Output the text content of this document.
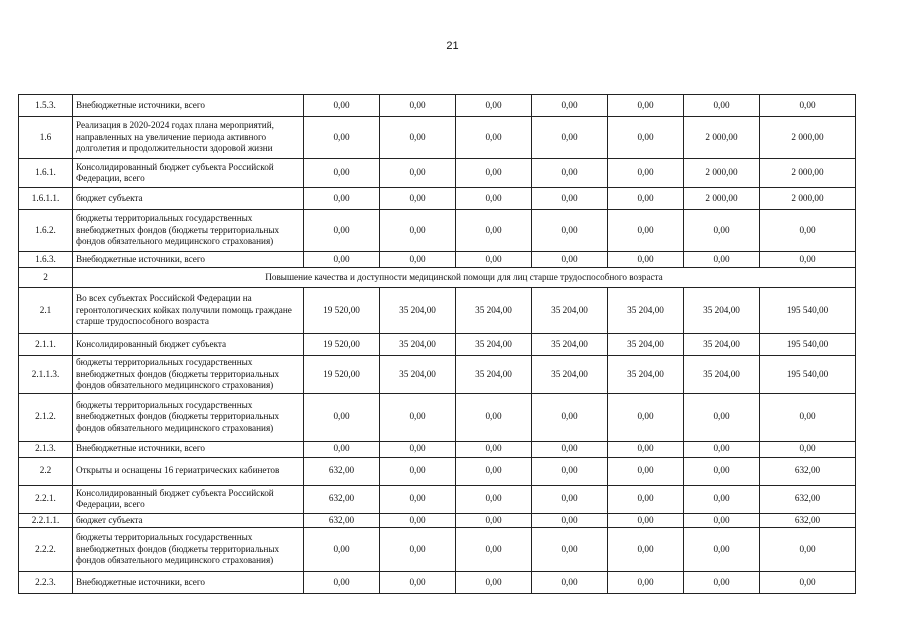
21
1.5.3.	Внебюджетные источники, всего	0,00	0,00	0,00	0,00	0,00	0,00	0,00
1.6	Реализация в 2020-2024 годах плана мероприятий, направленных на увеличение периода активного долголетия и продолжительности здоровой жизни	0,00	0,00	0,00	0,00	0,00	2 000,00	2 000,00
1.6.1.	Консолидированный бюджет субъекта Российской Федерации, всего	0,00	0,00	0,00	0,00	0,00	2 000,00	2 000,00
1.6.1.1.	бюджет субъекта	0,00	0,00	0,00	0,00	0,00	2 000,00	2 000,00
1.6.2.	бюджеты территориальных государственных внебюджетных фондов (бюджеты территориальных фондов обязательного медицинского страхования)	0,00	0,00	0,00	0,00	0,00	0,00	0,00
1.6.3.	Внебюджетные источники, всего	0,00	0,00	0,00	0,00	0,00	0,00	0,00
2	Повышение качества и доступности медицинской помощи для лиц старше трудоспособного возраста							
2.1	Во всех субъектах Российской Федерации на геронтологических койках получили помощь граждане старше трудоспособного возраста	19 520,00	35 204,00	35 204,00	35 204,00	35 204,00	35 204,00	195 540,00
2.1.1.	Консолидированный бюджет субъекта	19 520,00	35 204,00	35 204,00	35 204,00	35 204,00	35 204,00	195 540,00
2.1.1.3.	бюджеты территориальных государственных внебюджетных фондов (бюджеты территориальных фондов обязательного медицинского страхования)	19 520,00	35 204,00	35 204,00	35 204,00	35 204,00	35 204,00	195 540,00
2.1.2.	бюджеты территориальных государственных внебюджетных фондов (бюджеты территориальных фондов обязательного медицинского страхования)	0,00	0,00	0,00	0,00	0,00	0,00	0,00
2.1.3.	Внебюджетные источники, всего	0,00	0,00	0,00	0,00	0,00	0,00	0,00
2.2	Открыты и оснащены 16 гериатрических кабинетов	632,00	0,00	0,00	0,00	0,00	0,00	632,00
2.2.1.	Консолидированный бюджет субъекта Российской Федерации, всего	632,00	0,00	0,00	0,00	0,00	0,00	632,00
2.2.1.1.	бюджет субъекта	632,00	0,00	0,00	0,00	0,00	0,00	632,00
2.2.2.	бюджеты территориальных государственных внебюджетных фондов (бюджеты территориальных фондов обязательного медицинского страхования)	0,00	0,00	0,00	0,00	0,00	0,00	0,00
2.2.3.	Внебюджетные источники, всего	0,00	0,00	0,00	0,00	0,00	0,00	0,00
